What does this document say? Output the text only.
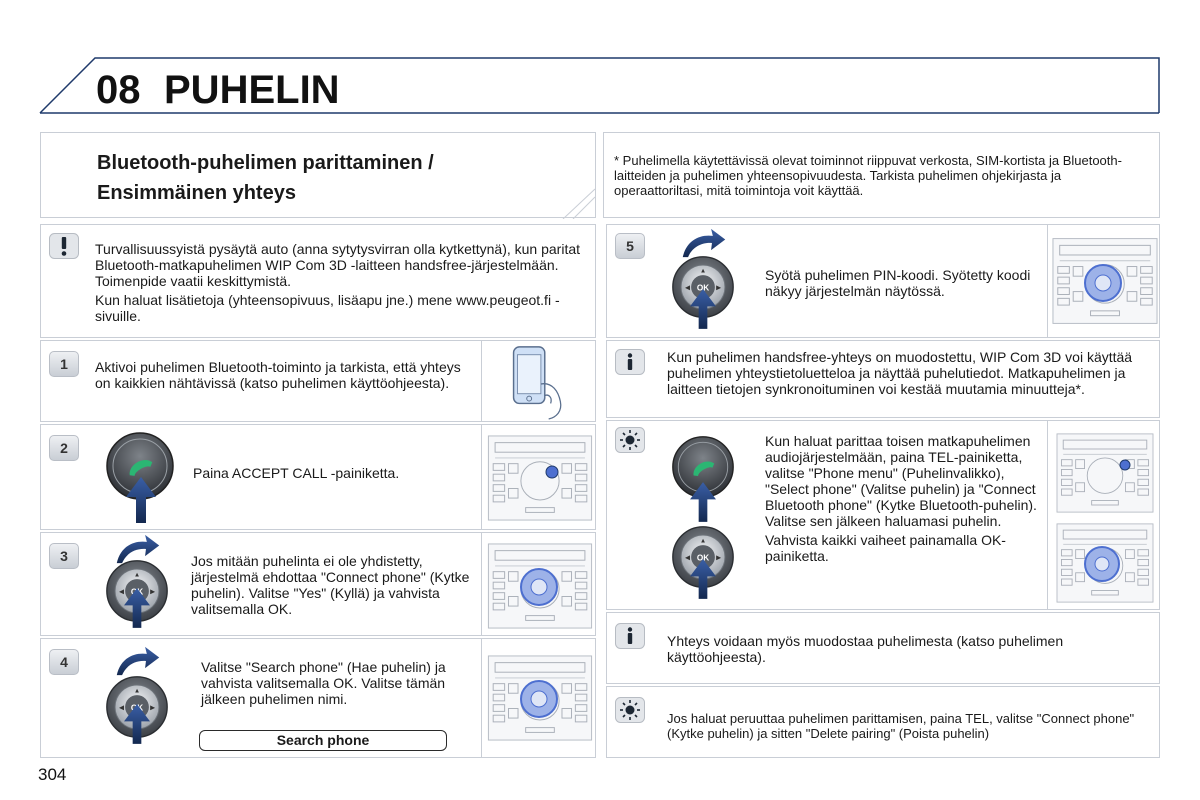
08 PUHELIN
Bluetooth-puhelimen parittaminen /
Ensimmäinen yhteys
* Puhelimella käytettävissä olevat toiminnot riippuvat verkosta, SIM-kortista ja Bluetooth-laitteiden ja puhelimen yhteensopivuudesta. Tarkista puhelimen ohjekirjasta ja operaattoriltasi, mitä toimintoja voit käyttää.

Turvallisuussyistä pysäytä auto (anna sytytysvirran olla kytkettynä), kun paritat Bluetooth-matkapuhelimen WIP Com 3D -laitteen handsfree-järjestelmään. Toimenpide vaatii keskittymistä.

Kun haluat lisätietoja (yhteensopivuus, lisäapu jne.) mene www.peugeot.fi -sivuille.

1	Aktivoi puhelimen Bluetooth-toiminto ja tarkista, että yhteys on kaikkien nähtävissä (katso puhelimen käyttöohjeesta).
2
Paina ACCEPT CALL -painiketta.
3	Jos mitään puhelinta ei ole yhdistetty, järjestelmä ehdottaa "Connect phone" (Kytke puhelin). Valitse "Yes" (Kyllä) ja vahvista valitsemalla OK.
4	Valitse "Search phone" (Hae puhelin) ja vahvista valitsemalla OK. Valitse tämän jälkeen puhelimen nimi.
Search phone
5
Syötä puhelimen PIN-koodi. Syötetty koodi näkyy järjestelmän näytössä.
Kun puhelimen handsfree-yhteys on muodostettu, WIP Com 3D voi käyttää puhelimen yhteystietoluetteloa ja näyttää puhelutiedot. Matkapuhelimen ja laitteen tietojen synkronoituminen voi kestää muutamia minuutteja*.

Kun haluat parittaa toisen matkapuhelimen audiojärjestelmään, paina TEL-painiketta, valitse "Phone menu" (Puhelinvalikko), "Select phone" (Valitse puhelin) ja "Connect Bluetooth phone" (Kytke Bluetooth-puhelin). Valitse sen jälkeen haluamasi puhelin.

Vahvista kaikki vaiheet painamalla OK-painiketta.

Yhteys voidaan myös muodostaa puhelimesta (katso puhelimen käyttöohjeesta).
Jos haluat peruuttaa puhelimen parittamisen, paina TEL, valitse "Connect phone" (Kytke puhelin) ja sitten "Delete pairing" (Poista puhelin)
304
